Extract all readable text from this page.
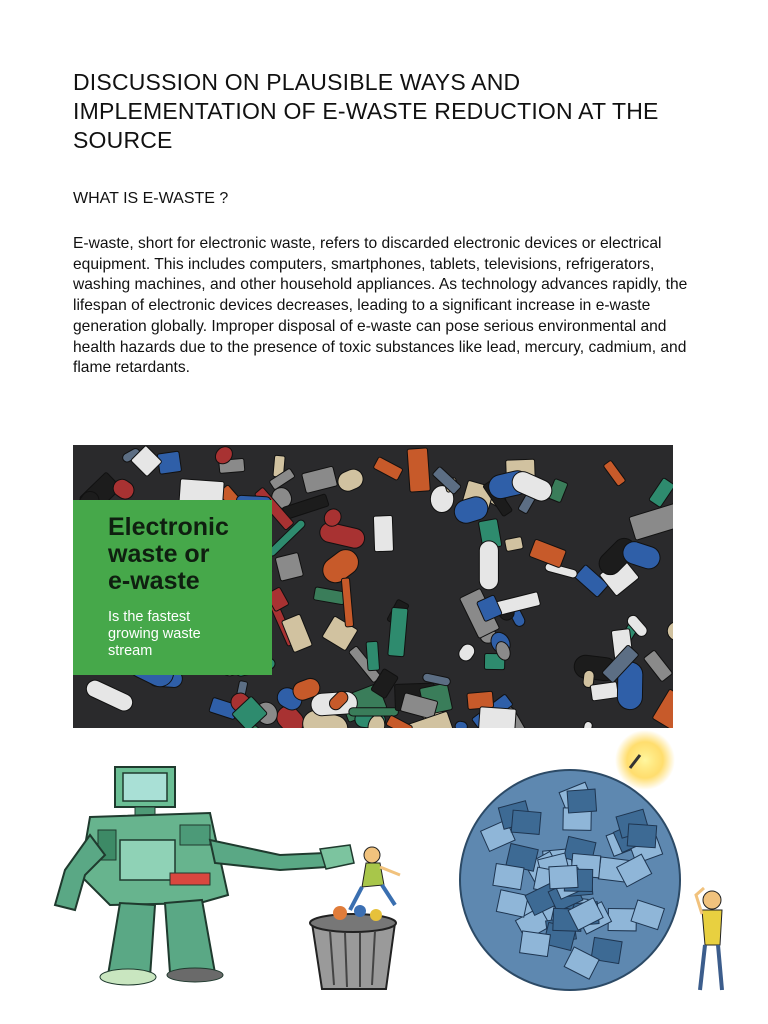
DISCUSSION ON PLAUSIBLE WAYS AND IMPLEMENTATION OF E-WASTE REDUCTION AT THE SOURCE
WHAT IS E-WASTE ?

E-waste, short for electronic waste, refers to discarded electronic devices or electrical equipment. This includes computers, smartphones, tablets, televisions, refrigerators, washing machines, and other household appliances. As technology advances rapidly, the lifespan of electronic devices decreases, leading to a significant increase in e-waste generation globally. Improper disposal of e-waste can pose serious environmental and health hazards due to the presence of toxic substances like lead, mercury, cadmium, and flame retardants.

Electronic
waste or
e-waste
Is the fastest
growing waste
stream
